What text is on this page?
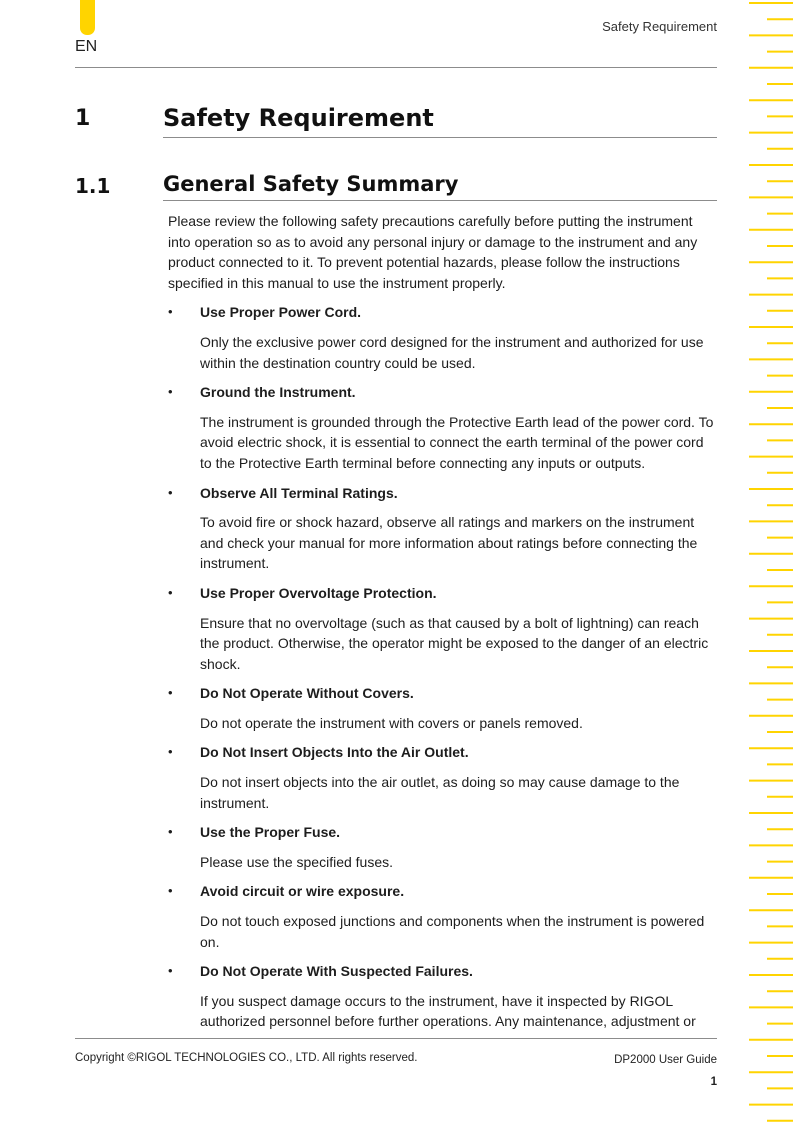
EN
Safety Requirement
1	Safety Requirement
1.1	General Safety Summary

Please review the following safety precautions carefully before putting the instrument into operation so as to avoid any personal injury or damage to the instrument and any product connected to it. To prevent potential hazards, please follow the instructions specified in this manual to use the instrument properly.

• Use Proper Power Cord.

Only the exclusive power cord designed for the instrument and authorized for use within the destination country could be used.

• Ground the Instrument.

The instrument is grounded through the Protective Earth lead of the power cord. To avoid electric shock, it is essential to connect the earth terminal of the power cord to the Protective Earth terminal before connecting any inputs or outputs.

• Observe All Terminal Ratings.

To avoid fire or shock hazard, observe all ratings and markers on the instrument and check your manual for more information about ratings before connecting the instrument.

• Use Proper Overvoltage Protection.

Ensure that no overvoltage (such as that caused by a bolt of lightning) can reach the product. Otherwise, the operator might be exposed to the danger of an electric shock.

• Do Not Operate Without Covers.

Do not operate the instrument with covers or panels removed.

• Do Not Insert Objects Into the Air Outlet.

Do not insert objects into the air outlet, as doing so may cause damage to the instrument.

• Use the Proper Fuse.

Please use the specified fuses.

• Avoid circuit or wire exposure.

Do not touch exposed junctions and components when the instrument is powered on.

• Do Not Operate With Suspected Failures.

If you suspect damage occurs to the instrument, have it inspected by RIGOL authorized personnel before further operations. Any maintenance, adjustment or

Copyright ©RIGOL TECHNOLOGIES CO., LTD. All rights reserved.	DP2000 User Guide
1
